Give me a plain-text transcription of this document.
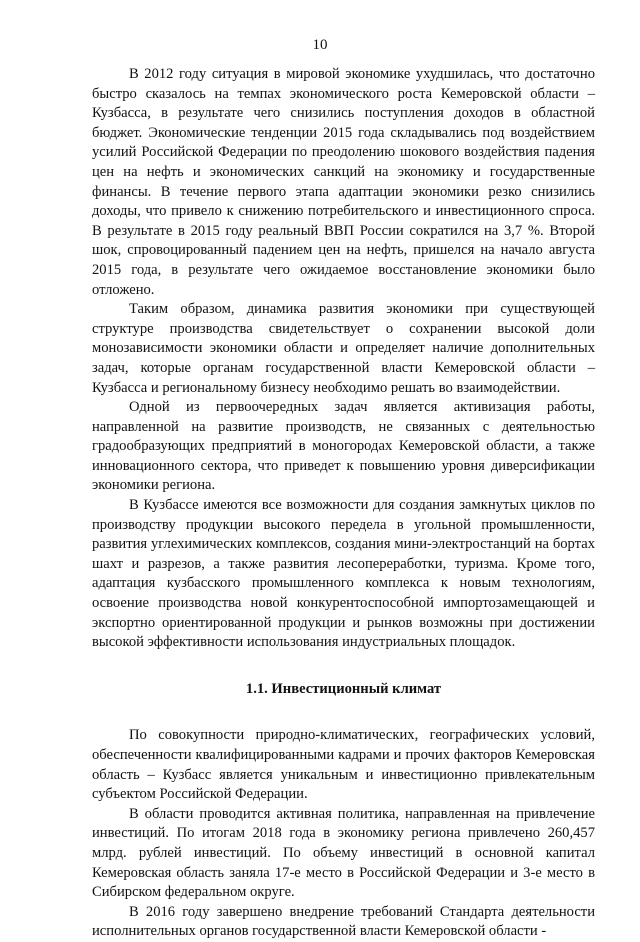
10

В 2012 году ситуация в мировой экономике ухудшилась, что достаточно быстро сказалось на темпах экономического роста Кемеровской области – Кузбасса, в результате чего снизились поступления доходов в областной бюджет. Экономические тенденции 2015 года складывались под воздействием усилий Российской Федерации по преодолению шокового воздействия падения цен на нефть и экономических санкций на экономику и государственные финансы. В течение первого этапа адаптации экономики резко снизились доходы, что привело к снижению потребительского и инвестиционного спроса. В результате в 2015 году реальный ВВП России сократился на 3,7 %. Второй шок, спровоцированный падением цен на нефть, пришелся на начало августа 2015 года, в результате чего ожидаемое восстановление экономики было отложено.

Таким образом, динамика развития экономики при существующей структуре производства свидетельствует о сохранении высокой доли монозависимости экономики области и определяет наличие дополнительных задач, которые органам государственной власти Кемеровской области – Кузбасса и региональному бизнесу необходимо решать во взаимодействии.

Одной из первоочередных задач является активизация работы, направленной на развитие производств, не связанных с деятельностью градообразующих предприятий в моногородах Кемеровской области, а также инновационного сектора, что приведет к повышению уровня диверсификации экономики региона.

В Кузбассе имеются все возможности для создания замкнутых циклов по производству продукции высокого передела в угольной промышленности, развития углехимических комплексов, создания мини-электростанций на бортах шахт и разрезов, а также развития лесопереработки, туризма. Кроме того, адаптация кузбасского промышленного комплекса к новым технологиям, освоение производства новой конкурентоспособной импортозамещающей и экспортно ориентированной продукции и рынков возможны при достижении высокой эффективности использования индустриальных площадок.

1.1. Инвестиционный климат

По совокупности природно-климатических, географических условий, обеспеченности квалифицированными кадрами и прочих факторов Кемеровская область – Кузбасс является уникальным и инвестиционно привлекательным субъектом Российской Федерации.

В области проводится активная политика, направленная на привлечение инвестиций. По итогам 2018 года в экономику региона привлечено 260,457 млрд. рублей инвестиций. По объему инвестиций в основной капитал Кемеровская область заняла 17-е место в Российской Федерации и 3-е место в Сибирском федеральном округе.

В 2016 году завершено внедрение требований Стандарта деятельности исполнительных органов государственной власти Кемеровской области -
